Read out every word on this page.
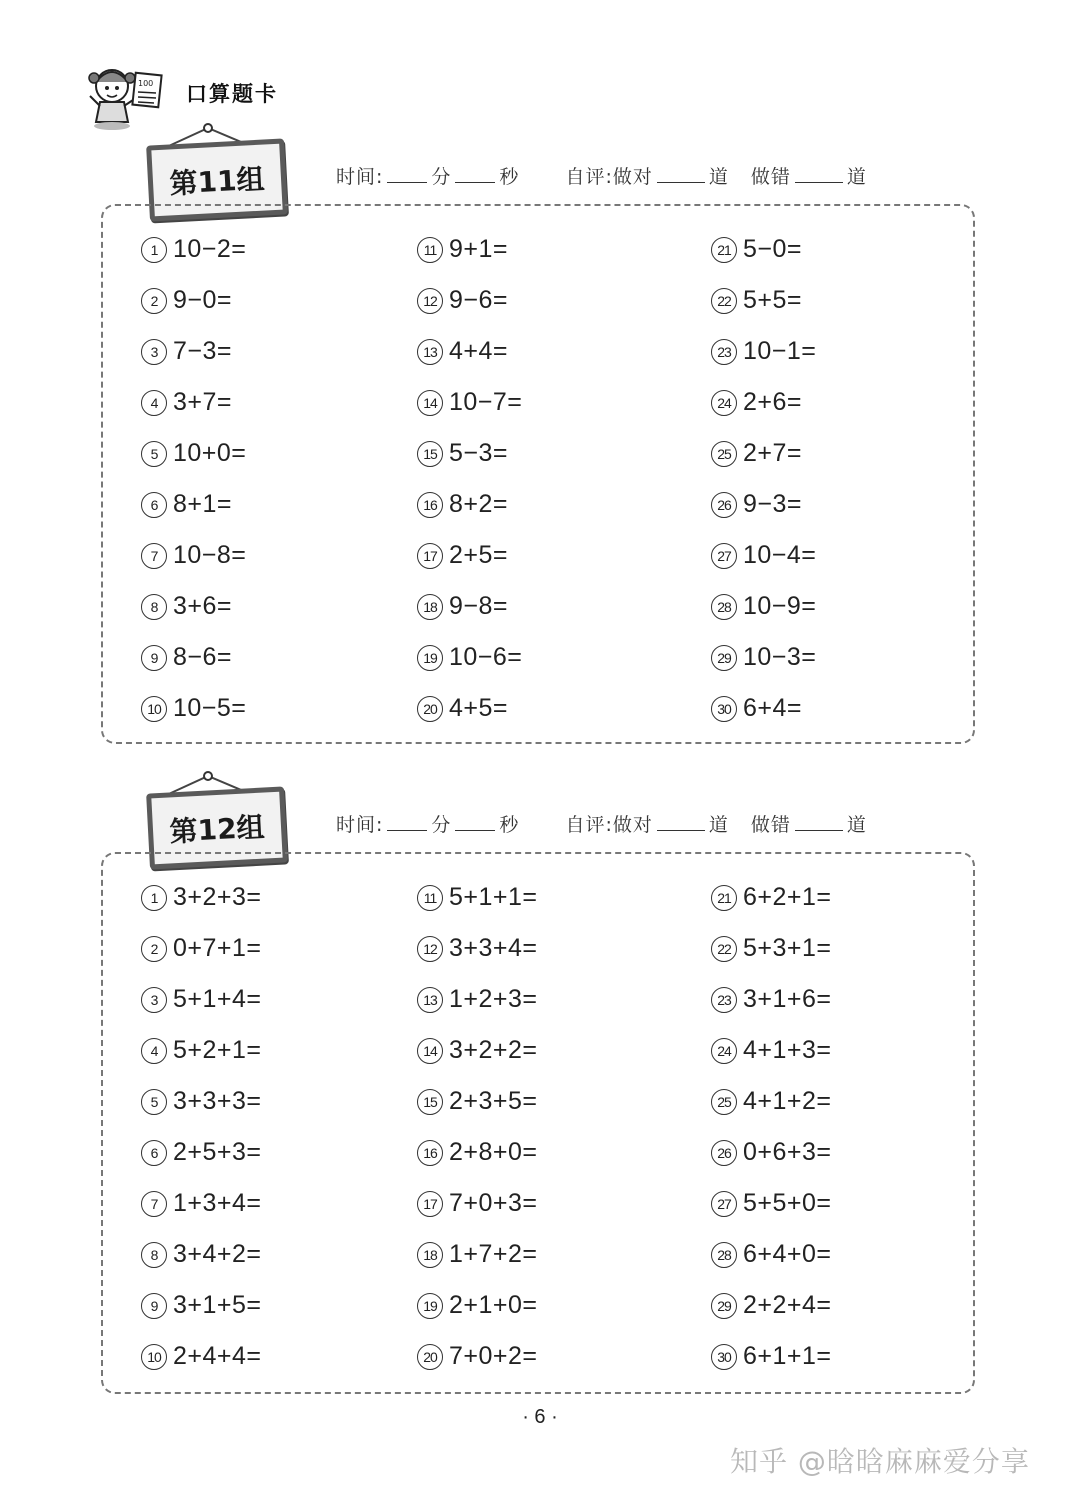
100 口算题卡
第11组	时间:	分	秒 自评:做对	道 做错	道
1 10−2=
2 9−0=
3 7−3=
4 3+7=
5 10+0=
6 8+1=
7 10−8=
8 3+6=
9 8−6=
10 10−5=
11 9+1=
12 9−6=
13 4+4=
14 10−7=
15 5−3=
16 8+2=
17 2+5=
18 9−8=
19 10−6=
20 4+5=
21 5−0=
22 5+5=
23 10−1=
24 2+6=
25 2+7=
26 9−3=
27 10−4=
28 10−9=
29 10−3=
30 6+4=
第12组	时间:	分	秒 自评:做对	道 做错	道
1 3+2+3=
2 0+7+1=
3 5+1+4=
4 5+2+1=
5 3+3+3=
6 2+5+3=
7 1+3+4=
8 3+4+2=
9 3+1+5=
10 2+4+4=
11 5+1+1=
12 3+3+4=
13 1+2+3=
14 3+2+2=
15 2+3+5=
16 2+8+0=
17 7+0+3=
18 1+7+2=
19 2+1+0=
20 7+0+2=
21 6+2+1=
22 5+3+1=
23 3+1+6=
24 4+1+3=
25 4+1+2=
26 0+6+3=
27 5+5+0=
28 6+4+0=
29 2+2+4=
30 6+1+1=
· 6 ·
知乎 @晗晗麻麻爱分享
